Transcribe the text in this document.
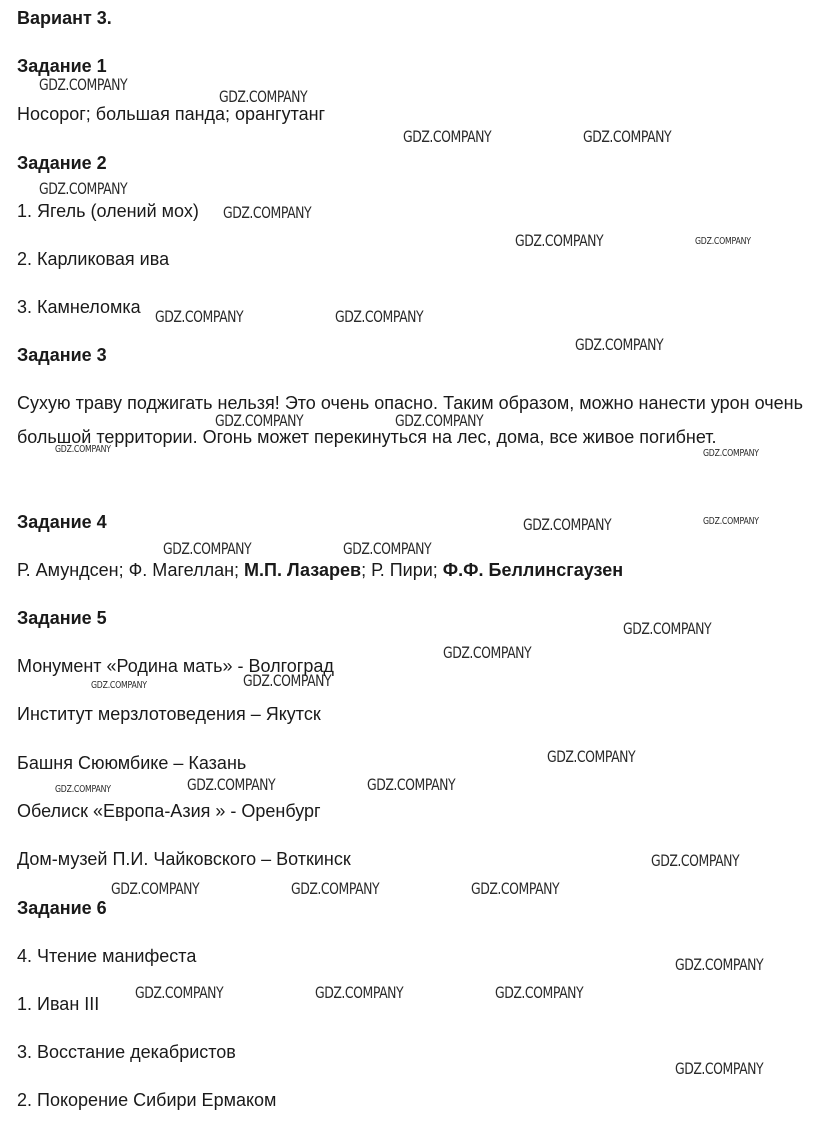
Вариант 3.
Задание 1
Носорог; большая панда; орангутанг
Задание 2
1. Ягель (олений мох)
2. Карликовая ива
3. Камнеломка
Задание 3
Сухую траву поджигать нельзя! Это очень опасно. Таким образом, можно нанести урон очень большой территории. Огонь может перекинуться на лес, дома, все живое погибнет.
Задание 4
Р. Амундсен; Ф. Магеллан; М.П. Лазарев; Р. Пири; Ф.Ф. Беллинсгаузен
Задание 5
Монумент «Родина мать» - Волгоград
Институт мерзлотоведения – Якутск
Башня Сююмбике – Казань
Обелиск «Европа-Азия » - Оренбург
Дом-музей П.И. Чайковского – Воткинск
Задание 6
4. Чтение манифеста
1. Иван III
3. Восстание декабристов
2. Покорение Сибири Ермаком
GDZ.COMPANY
GDZ.COMPANY
GDZ.COMPANY	GDZ.COMPANY
GDZ.COMPANY
GDZ.COMPANY
GDZ.COMPANY	GDZ.COMPANY
GDZ.COMPANY	GDZ.COMPANY
GDZ.COMPANY
GDZ.COMPANY	GDZ.COMPANY
GDZ.COMPANY	GDZ.COMPANY
GDZ.COMPANY	GDZ.COMPANY
GDZ.COMPANY	GDZ.COMPANY
GDZ.COMPANY
GDZ.COMPANY
GDZ.COMPANY	GDZ.COMPANY
GDZ.COMPANY
GDZ.COMPANY	GDZ.COMPANY	GDZ.COMPANY
GDZ.COMPANY
GDZ.COMPANY	GDZ.COMPANY	GDZ.COMPANY
GDZ.COMPANY
GDZ.COMPANY	GDZ.COMPANY	GDZ.COMPANY
GDZ.COMPANY
